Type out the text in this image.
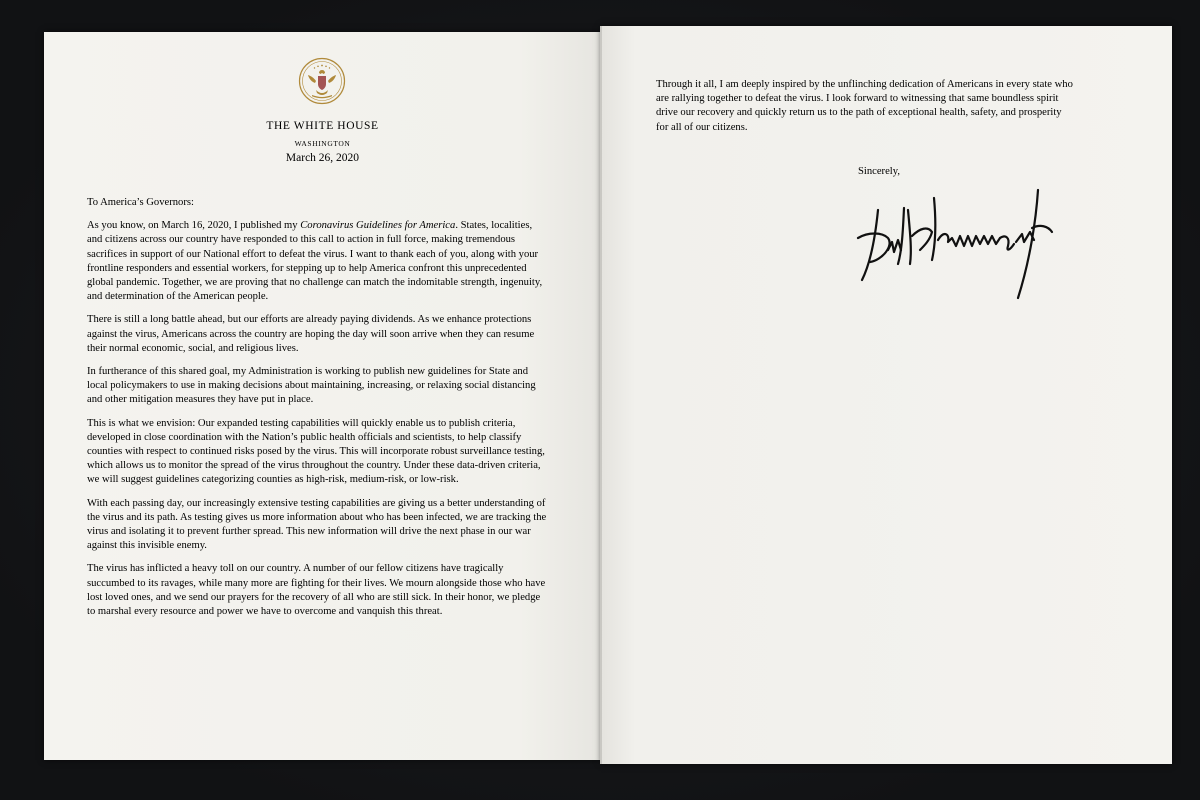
THE WHITE HOUSE
WASHINGTON
March 26, 2020

To America’s Governors:

As you know, on March 16, 2020, I published my Coronavirus Guidelines for America. States, localities, and citizens across our country have responded to this call to action in full force, making tremendous sacrifices in support of our National effort to defeat the virus. I want to thank each of you, along with your frontline responders and essential workers, for stepping up to help America confront this unprecedented global pandemic. Together, we are proving that no challenge can match the indomitable strength, ingenuity, and determination of the American people.

There is still a long battle ahead, but our efforts are already paying dividends. As we enhance protections against the virus, Americans across the country are hoping the day will soon arrive when they can resume their normal economic, social, and religious lives.

In furtherance of this shared goal, my Administration is working to publish new guidelines for State and local policymakers to use in making decisions about maintaining, increasing, or relaxing social distancing and other mitigation measures they have put in place.

This is what we envision: Our expanded testing capabilities will quickly enable us to publish criteria, developed in close coordination with the Nation’s public health officials and scientists, to help classify counties with respect to continued risks posed by the virus. This will incorporate robust surveillance testing, which allows us to monitor the spread of the virus throughout the country. Under these data-driven criteria, we will suggest guidelines categorizing counties as high-risk, medium-risk, or low-risk.

With each passing day, our increasingly extensive testing capabilities are giving us a better understanding of the virus and its path. As testing gives us more information about who has been infected, we are tracking the virus and isolating it to prevent further spread. This new information will drive the next phase in our war against this invisible enemy.

The virus has inflicted a heavy toll on our country. A number of our fellow citizens have tragically succumbed to its ravages, while many more are fighting for their lives. We mourn alongside those who have lost loved ones, and we send our prayers for the recovery of all who are still sick. In their honor, we pledge to marshal every resource and power we have to overcome and vanquish this threat.

Through it all, I am deeply inspired by the unflinching dedication of Americans in every state who are rallying together to defeat the virus. I look forward to witnessing that same boundless spirit drive our recovery and quickly return us to the path of exceptional health, safety, and prosperity for all of our citizens.

Sincerely,
